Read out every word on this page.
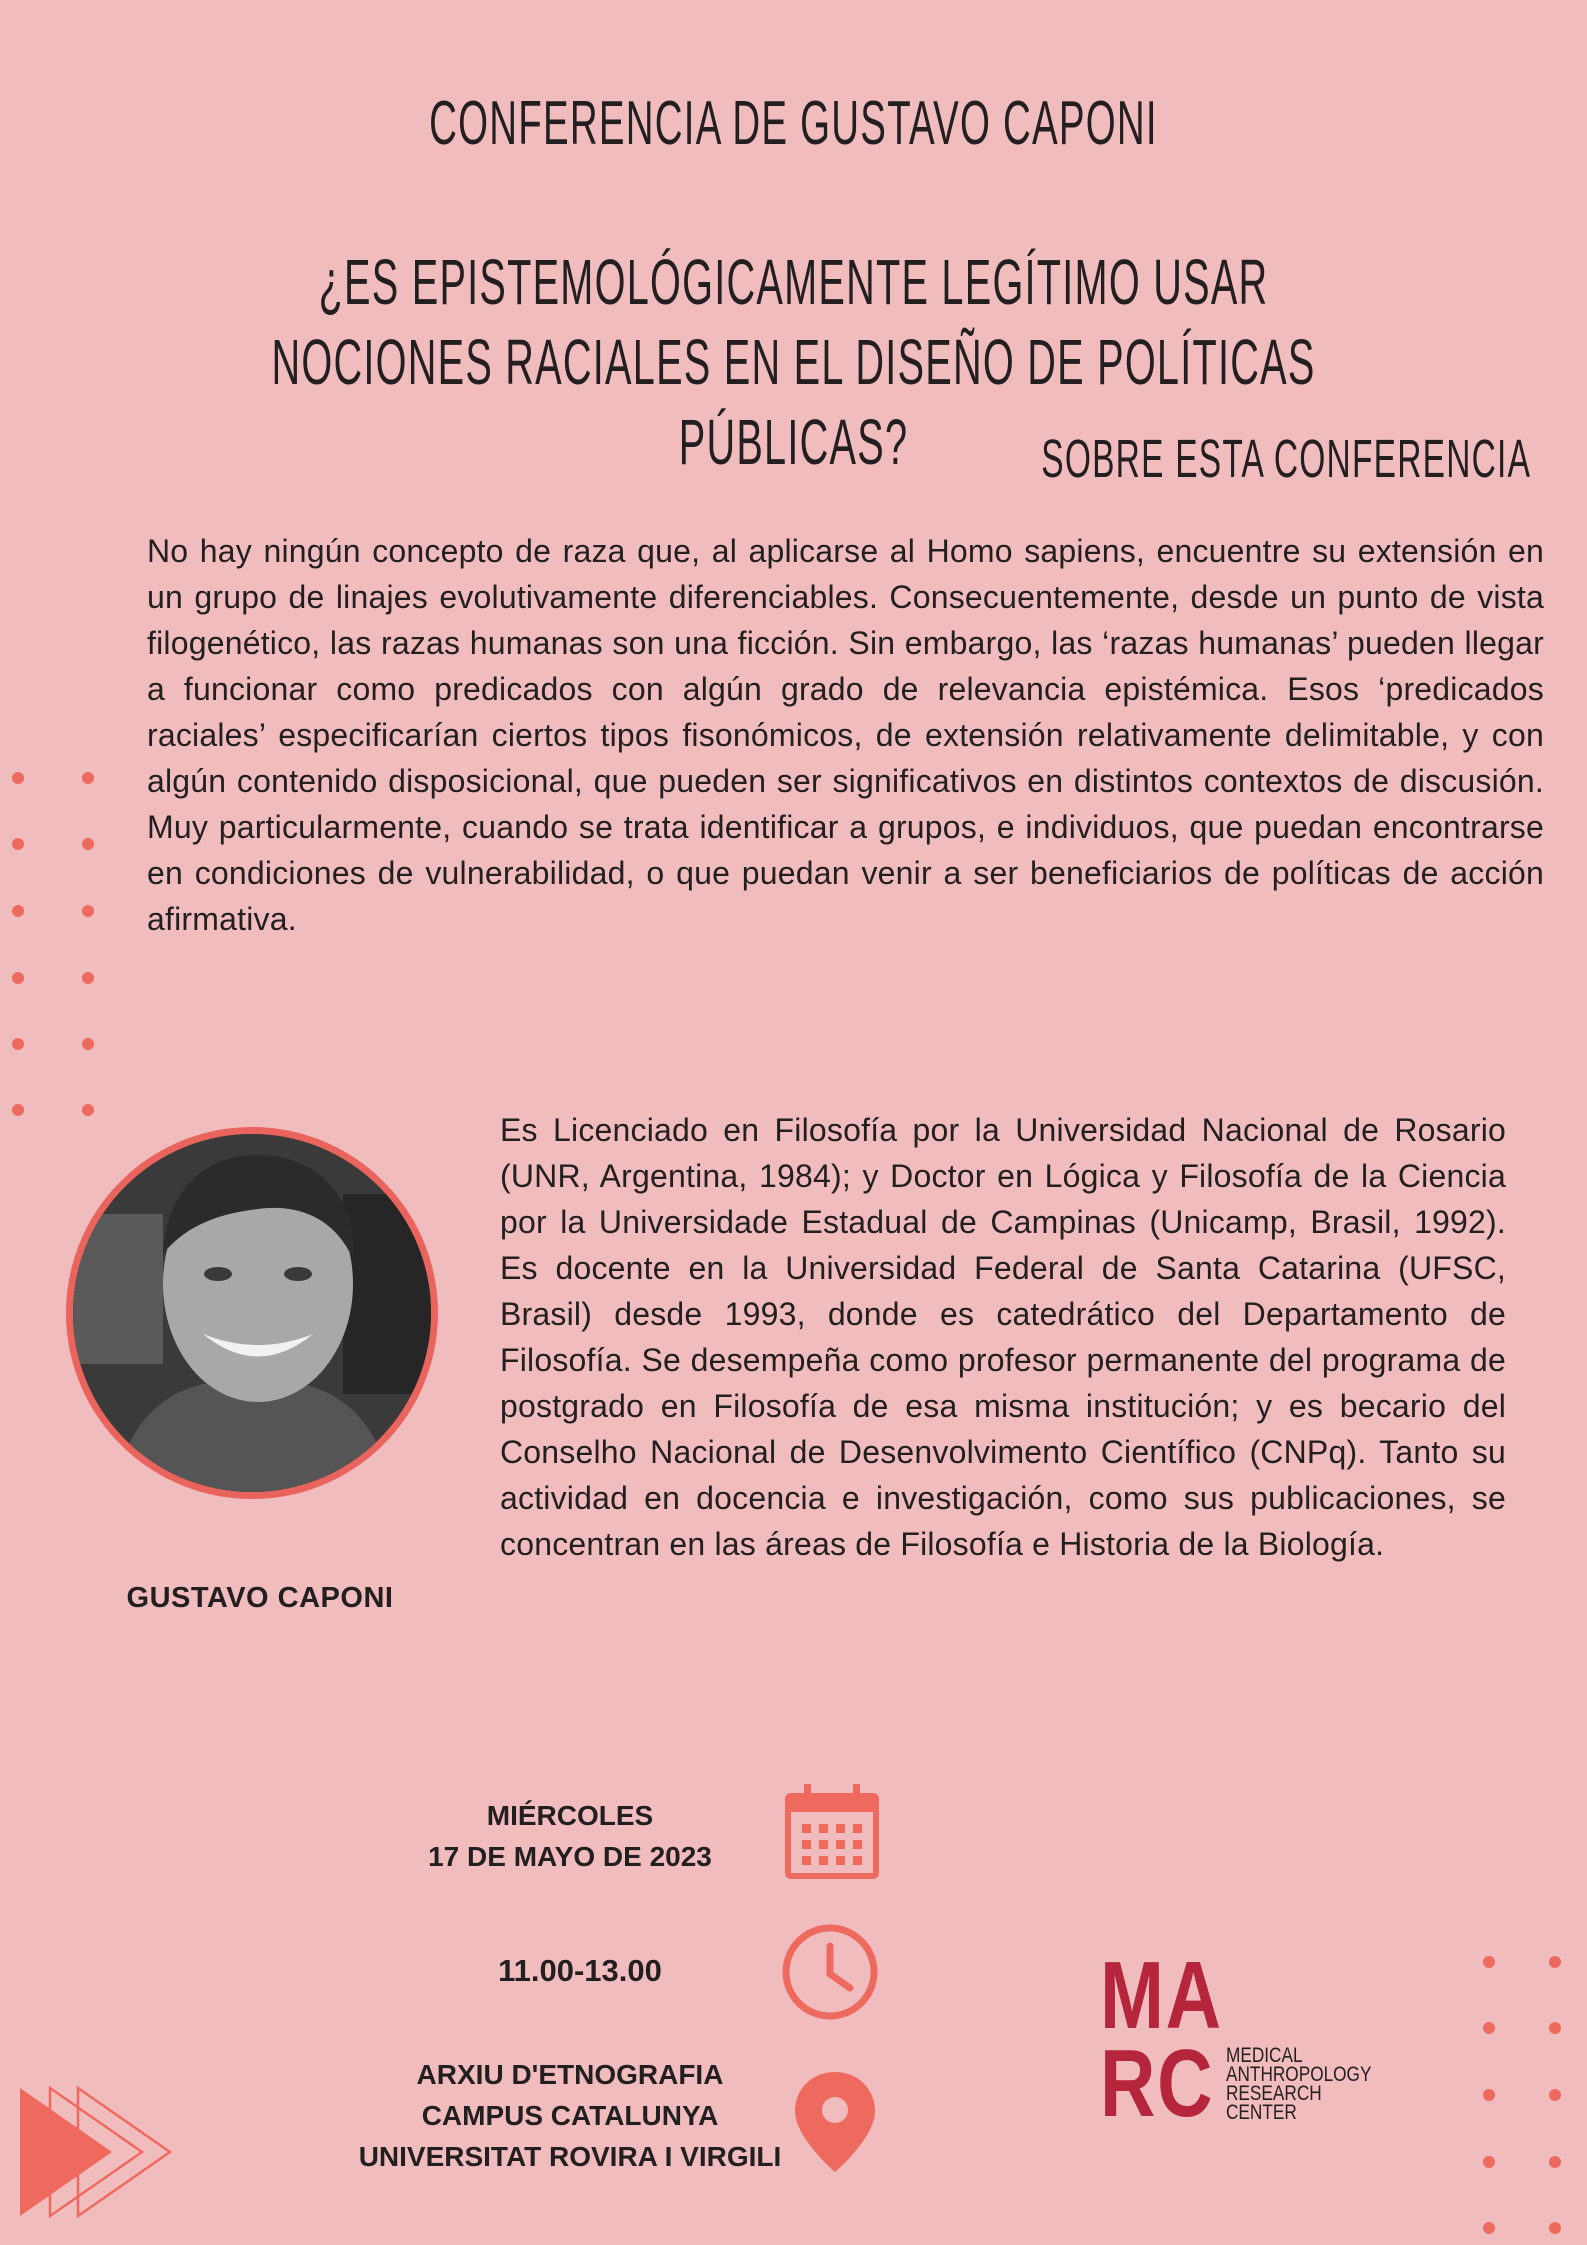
CONFERENCIA DE GUSTAVO CAPONI
¿ES EPISTEMOLÓGICAMENTE LEGÍTIMO USAR NOCIONES RACIALES EN EL DISEÑO DE POLÍTICAS PÚBLICAS?	SOBRE ESTA CONFERENCIA

No hay ningún concepto de raza que, al aplicarse al Homo sapiens, encuentre su extensión en un grupo de linajes evolutivamente diferenciables. Consecuentemente, desde un punto de vista filogenético, las razas humanas son una ficción. Sin embargo, las ‘razas humanas’ pueden llegar a funcionar como predicados con algún grado de relevancia epistémica. Esos ‘predicados raciales’ especificarían ciertos tipos fisonómicos, de extensión relativamente delimitable, y con algún contenido disposicional, que pueden ser significativos en distintos contextos de discusión. Muy particularmente, cuando se trata identificar a grupos, e individuos, que puedan encontrarse en condiciones de vulnerabilidad, o que puedan venir a ser beneficiarios de políticas de acción afirmativa.

GUSTAVO CAPONI

Es Licenciado en Filosofía por la Universidad Nacional de Rosario (UNR, Argentina, 1984); y Doctor en Lógica y Filosofía de la Ciencia por la Universidade Estadual de Campinas (Unicamp, Brasil, 1992). Es docente en la Universidad Federal de Santa Catarina (UFSC, Brasil) desde 1993, donde es catedrático del Departamento de Filosofía. Se desempeña como profesor permanente del programa de postgrado en Filosofía de esa misma institución; y es becario del Conselho Nacional de Desenvolvimento Científico (CNPq). Tanto su actividad en docencia e investigación, como sus publicaciones, se concentran en las áreas de Filosofía e Historia de la Biología.

MIÉRCOLES
17 DE MAYO DE 2023
11.00-13.00
ARXIU D'ETNOGRAFIA
CAMPUS CATALUNYA
UNIVERSITAT ROVIRA I VIRGILI
MA
RC MEDICAL
ANTHROPOLOGY
RESEARCH
CENTER
